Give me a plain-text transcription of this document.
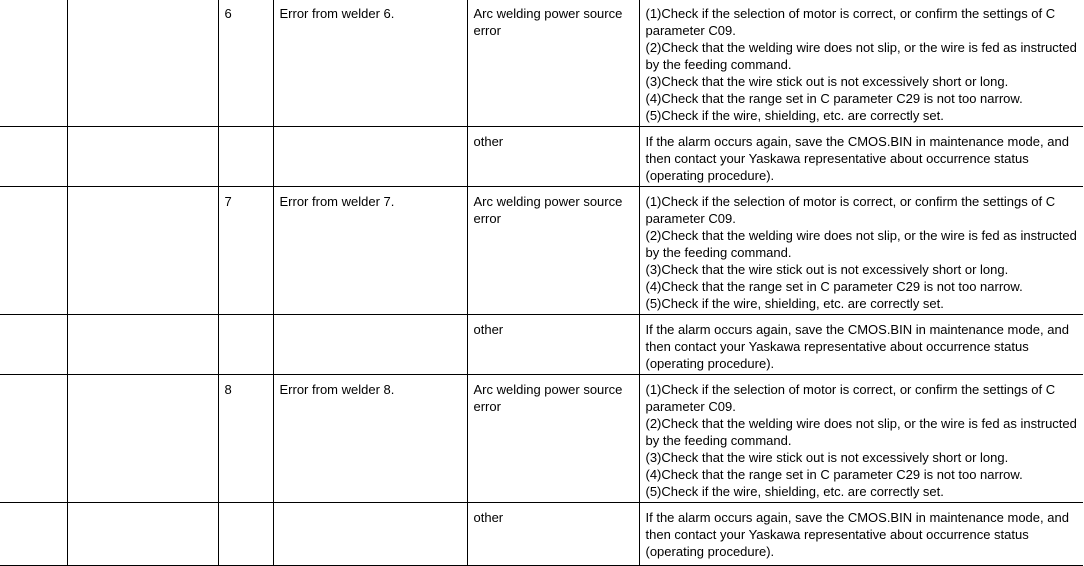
		6	Error from welder 6.	Arc welding power source error	(1)Check if the selection of motor is correct, or confirm the settings of C parameter C09.
(2)Check that the welding wire does not slip, or the wire is fed as instructed by the feeding command.
(3)Check that the wire stick out is not excessively short or long.
(4)Check that the range set in C parameter C29 is not too narrow.
(5)Check if the wire, shielding, etc. are correctly set.

				other	If the alarm occurs again, save the CMOS.BIN in maintenance mode, and then contact your Yaskawa representative about occurrence status (operating procedure).
		7	Error from welder 7.	Arc welding power source error	(1)Check if the selection of motor is correct, or confirm the settings of C parameter C09.
(2)Check that the welding wire does not slip, or the wire is fed as instructed by the feeding command.
(3)Check that the wire stick out is not excessively short or long.
(4)Check that the range set in C parameter C29 is not too narrow.
(5)Check if the wire, shielding, etc. are correctly set.

				other	If the alarm occurs again, save the CMOS.BIN in maintenance mode, and then contact your Yaskawa representative about occurrence status (operating procedure).
		8	Error from welder 8.	Arc welding power source error	(1)Check if the selection of motor is correct, or confirm the settings of C parameter C09.
(2)Check that the welding wire does not slip, or the wire is fed as instructed by the feeding command.
(3)Check that the wire stick out is not excessively short or long.
(4)Check that the range set in C parameter C29 is not too narrow.
(5)Check if the wire, shielding, etc. are correctly set.

				other	If the alarm occurs again, save the CMOS.BIN in maintenance mode, and then contact your Yaskawa representative about occurrence status (operating procedure).
